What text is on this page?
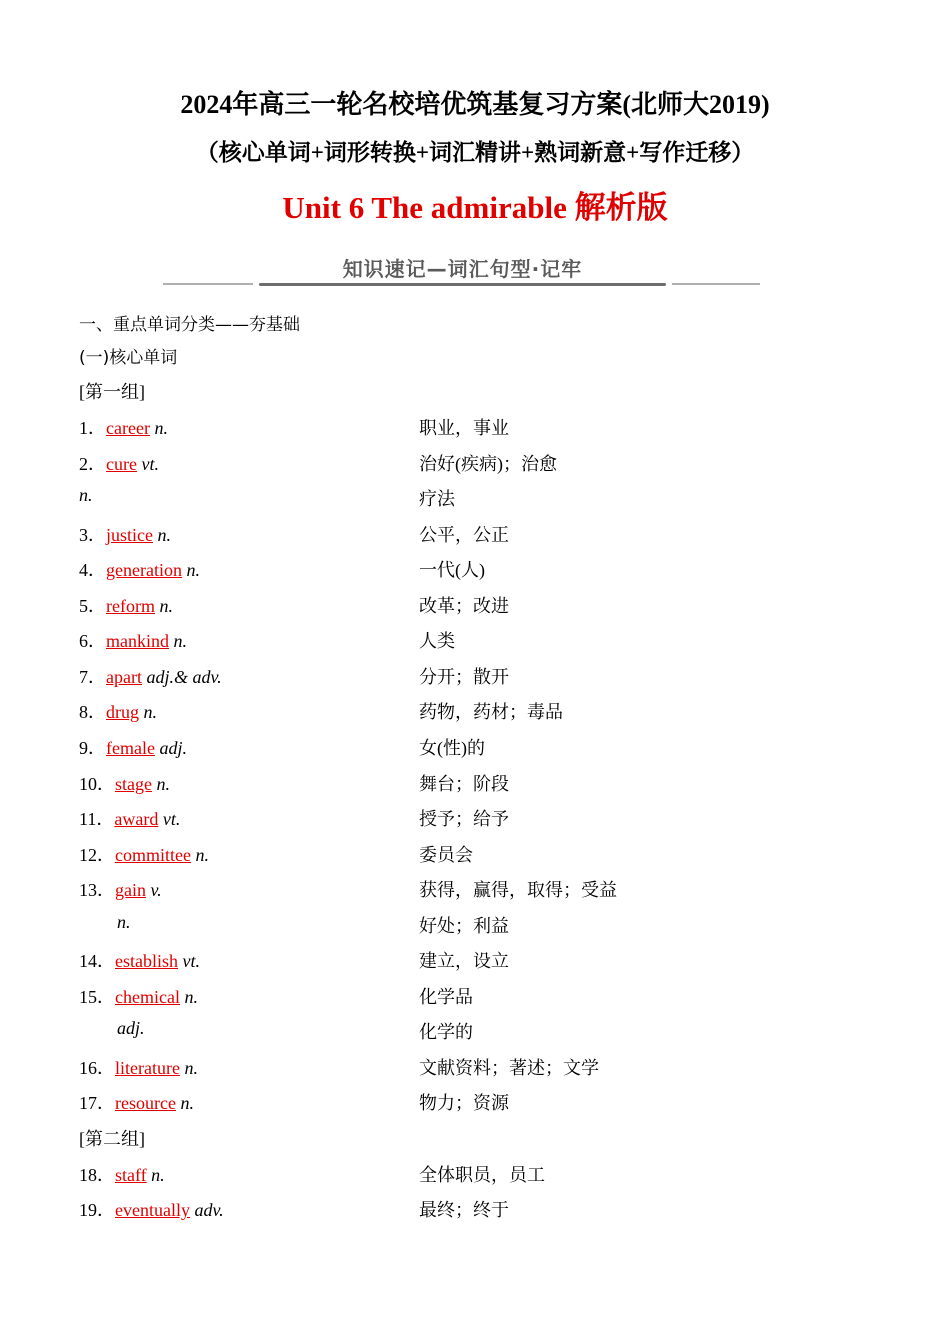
2024年高三一轮名校培优筑基复习方案(北师大2019)
（核心单词+词形转换+词汇精讲+熟词新意+写作迁移）
Unit 6 The admirable 解析版
知识速记—词汇句型·记牢
一、重点单词分类——夯基础
(一)核心单词
[第一组]
1．career n.	职业，事业
2．cure vt.	治好(疾病)；治愈
n.	疗法
3．justice n.	公平，公正
4．generation n.	一代(人)
5．reform n.	改革；改进
6．mankind n.	人类
7．apart adj.& adv.	分开；散开
8．drug n.	药物，药材；毒品
9．female adj.	女(性)的
10．stage n.	舞台；阶段
11．award vt.	授予；给予
12．committee n.	委员会
13．gain v.	获得，赢得，取得；受益
n.	好处；利益
14．establish vt.	建立，设立
15．chemical n.	化学品
adj.	化学的
16．literature n.	文献资料；著述；文学
17．resource n.	物力；资源
18．staff n.	全体职员，员工
19．eventually adv.	最终；终于
[第二组]
